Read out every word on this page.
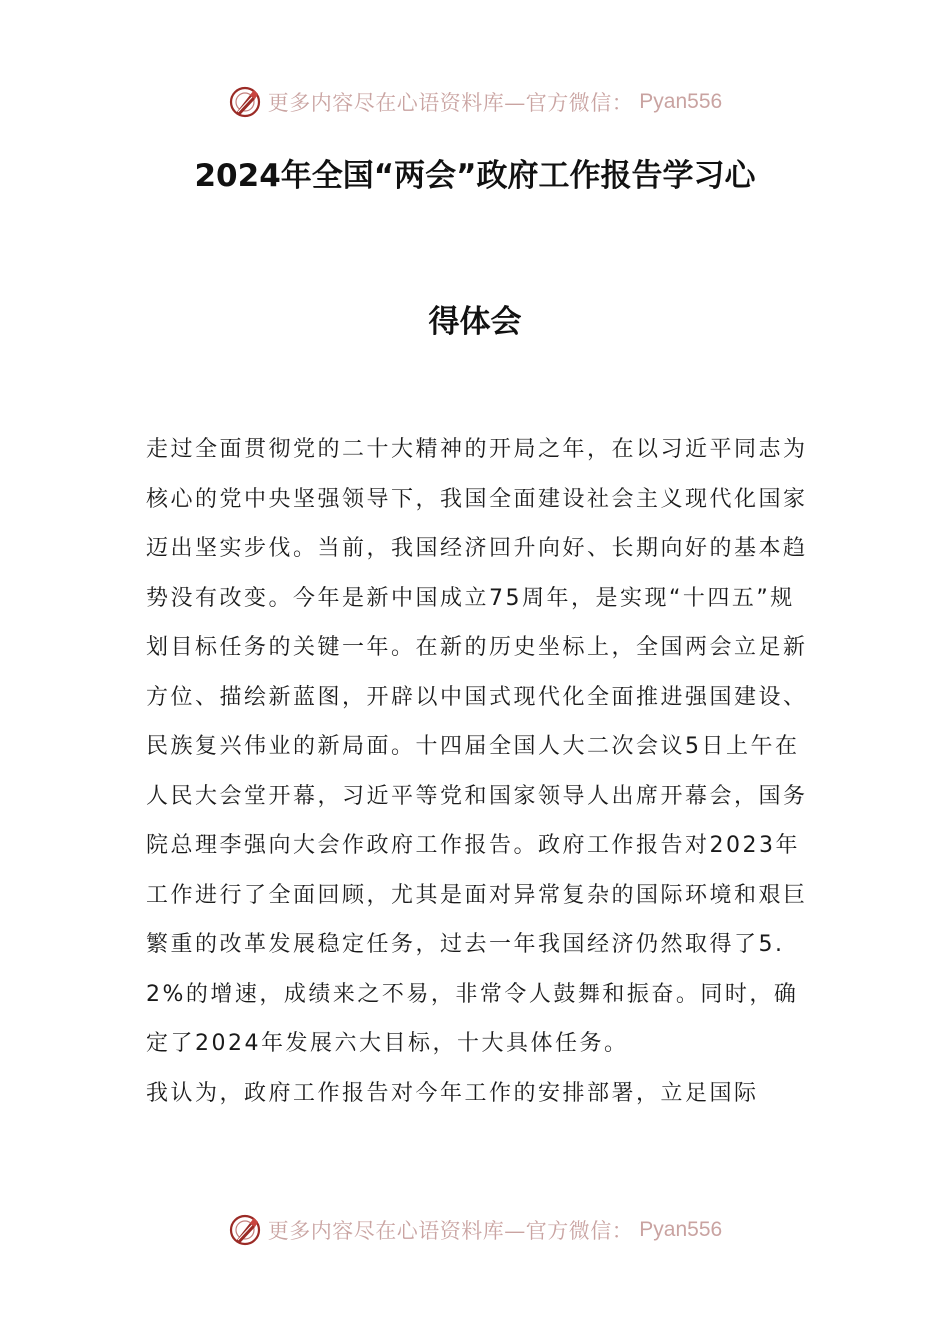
更多内容尽在心语资料库—官方微信： Pyan556
2024年全国“两会”政府工作报告学习心
得体会

走过全面贯彻党的二十大精神的开局之年，在以习近平同志为核心的党中央坚强领导下，我国全面建设社会主义现代化国家迈出坚实步伐。当前，我国经济回升向好、长期向好的基本趋势没有改变。今年是新中国成立75周年，是实现“十四五”规划目标任务的关键一年。在新的历史坐标上，全国两会立足新方位、描绘新蓝图，开辟以中国式现代化全面推进强国建设、民族复兴伟业的新局面。十四届全国人大二次会议5日上午在人民大会堂开幕，习近平等党和国家领导人出席开幕会，国务院总理李强向大会作政府工作报告。政府工作报告对2023年工作进行了全面回顾，尤其是面对异常复杂的国际环境和艰巨繁重的改革发展稳定任务，过去一年我国经济仍然取得了5.2%的增速，成绩来之不易，非常令人鼓舞和振奋。同时，确定了2024年发展六大目标，十大具体任务。

我认为，政府工作报告对今年工作的安排部署，立足国际

更多内容尽在心语资料库—官方微信： Pyan556
